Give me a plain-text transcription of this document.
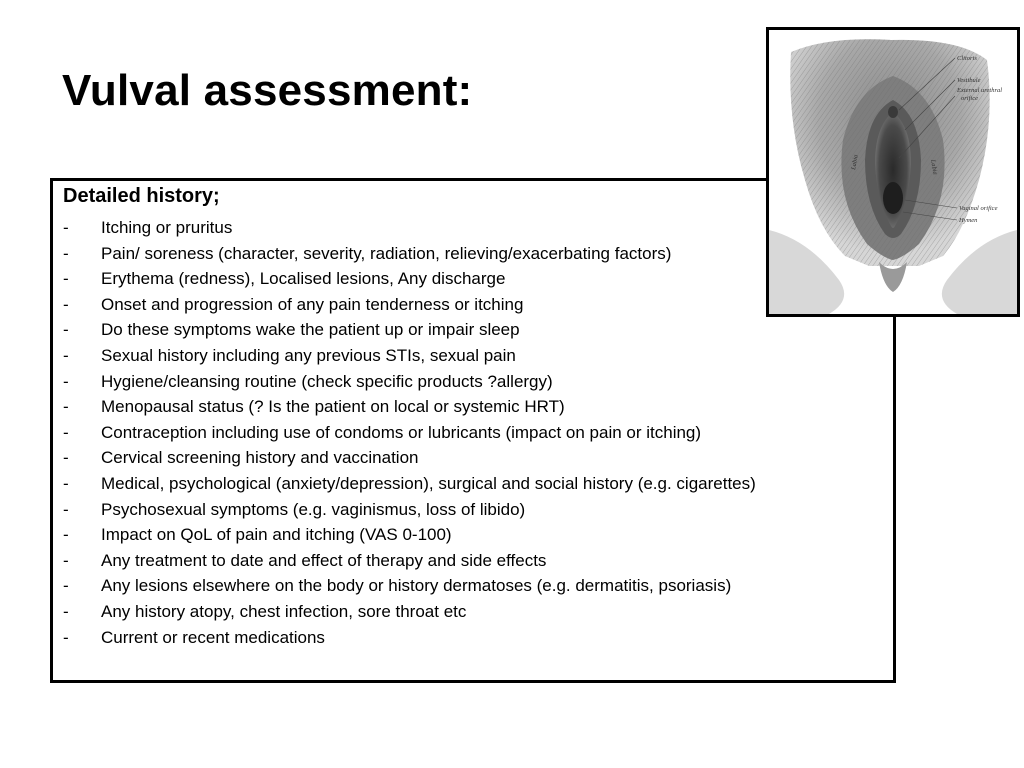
Vulval assessment:
Detailed history;
- Itching or pruritus
- Pain/ soreness (character, severity, radiation, relieving/exacerbating factors)
- Erythema (redness), Localised lesions, Any discharge
- Onset and progression of any pain tenderness or itching
- Do these symptoms wake the patient up or impair sleep
- Sexual history including any previous STIs, sexual pain
- Hygiene/cleansing routine (check specific products ?allergy)
- Menopausal status (? Is the patient on local or systemic HRT)
- Contraception including use of condoms or lubricants (impact on pain or itching)
- Cervical screening history and vaccination
- Medical, psychological (anxiety/depression), surgical and social history (e.g. cigarettes)
- Psychosexual symptoms (e.g. vaginismus, loss of libido)
- Impact on QoL of pain and itching (VAS 0-100)
- Any treatment to date and effect of therapy and side effects
- Any lesions elsewhere on the body or history dermatoses (e.g. dermatitis, psoriasis)
- Any history atopy, chest infection, sore throat etc
- Current or recent medications
Clitoris
Vestibule
External urethral
orifice
Vaginal orifice
Hymen
Labia	Labia
